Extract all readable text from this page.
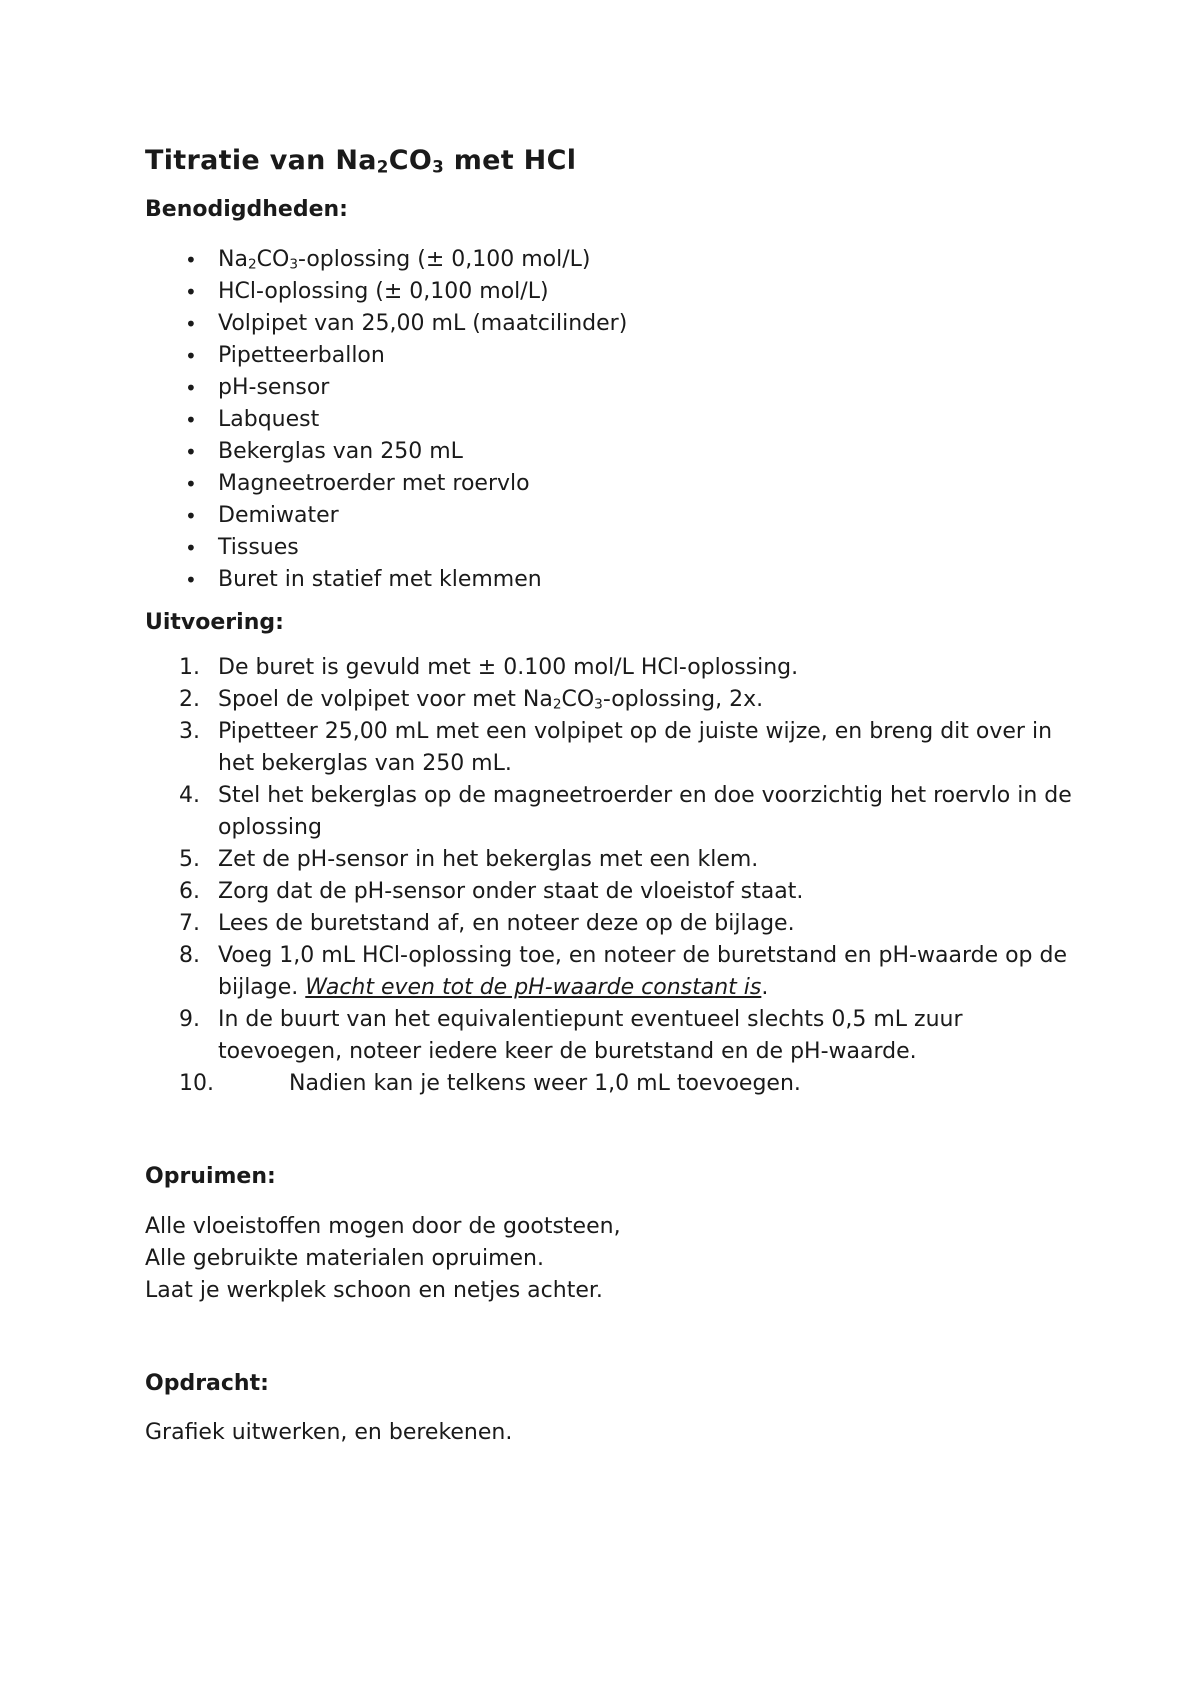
Titratie van $Na_2CO_3$ met HCl
Benodigdheden:
• $Na_2CO_3$-oplossing (± 0,100 mol/L)
• HCl-oplossing (± 0,100 mol/L)
• Volpipet van 25,00 mL (maatcilinder)
• Pipetteerballon
• pH-sensor
• Labquest
• Bekerglas van 250 mL
• Magneetroerder met roervlo
• Demiwater
• Tissues
• Buret in statief met klemmen
Uitvoering:
1. De buret is gevuld met ± 0.100 mol/L HCl-oplossing.
2. Spoel de volpipet voor met $Na_2CO_3$-oplossing, 2x.
3. Pipetteer 25,00 mL met een volpipet op de juiste wijze, en breng dit over in het bekerglas van 250 mL.
4. Stel het bekerglas op de magneetroerder en doe voorzichtig het roervlo in de oplossing
5. Zet de pH-sensor in het bekerglas met een klem.
6. Zorg dat de pH-sensor onder staat de vloeistof staat.
7. Lees de buretstand af, en noteer deze op de bijlage.
8. Voeg 1,0 mL HCl-oplossing toe, en noteer de buretstand en pH-waarde op de bijlage. Wacht even tot de pH-waarde constant is.
9. In de buurt van het equivalentiepunt eventueel slechts 0,5 mL zuur toevoegen, noteer iedere keer de buretstand en de pH-waarde.
10.	Nadien kan je telkens weer 1,0 mL toevoegen.
Opruimen:

Alle vloeistoffen mogen door de gootsteen,

Alle gebruikte materialen opruimen.

Laat je werkplek schoon en netjes achter.

Opdracht:

Grafiek uitwerken, en berekenen.
